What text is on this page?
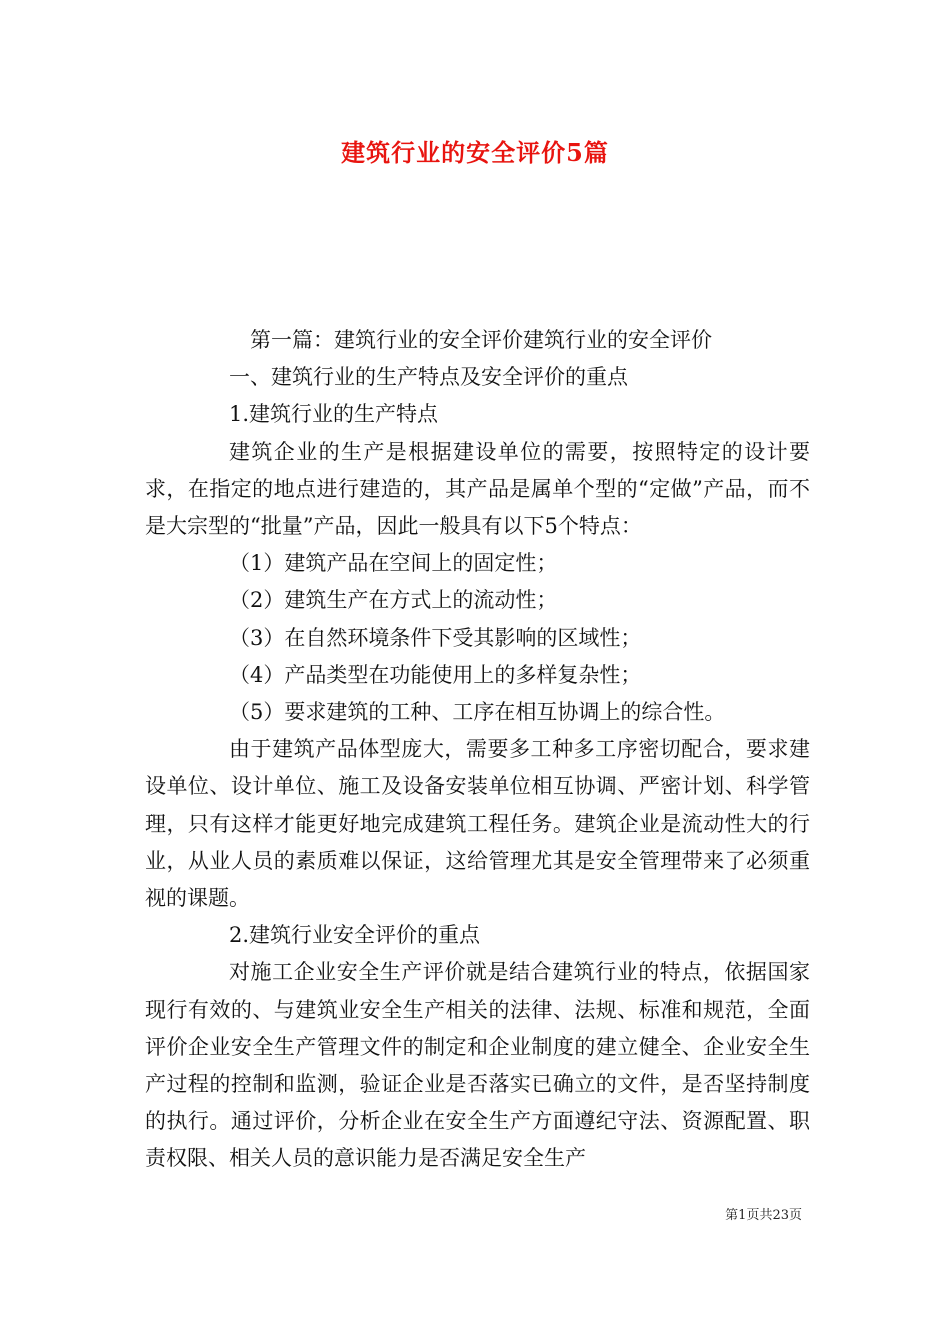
建筑行业的安全评价5篇

第一篇：建筑行业的安全评价建筑行业的安全评价

一、建筑行业的生产特点及安全评价的重点

1.建筑行业的生产特点

建筑企业的生产是根据建设单位的需要，按照特定的设计要求，在指定的地点进行建造的，其产品是属单个型的“定做”产品，而不是大宗型的“批量”产品，因此一般具有以下5个特点：

（1）建筑产品在空间上的固定性；

（2）建筑生产在方式上的流动性；

（3）在自然环境条件下受其影响的区域性；

（4）产品类型在功能使用上的多样复杂性；

（5）要求建筑的工种、工序在相互协调上的综合性。

由于建筑产品体型庞大，需要多工种多工序密切配合，要求建设单位、设计单位、施工及设备安装单位相互协调、严密计划、科学管理，只有这样才能更好地完成建筑工程任务。建筑企业是流动性大的行业，从业人员的素质难以保证，这给管理尤其是安全管理带来了必须重视的课题。

2.建筑行业安全评价的重点

对施工企业安全生产评价就是结合建筑行业的特点，依据国家现行有效的、与建筑业安全生产相关的法律、法规、标准和规范，全面评价企业安全生产管理文件的制定和企业制度的建立健全、企业安全生产过程的控制和监测，验证企业是否落实已确立的文件，是否坚持制度的执行。通过评价，分析企业在安全生产方面遵纪守法、资源配置、职责权限、相关人员的意识能力是否满足安全生产

第1页共23页
